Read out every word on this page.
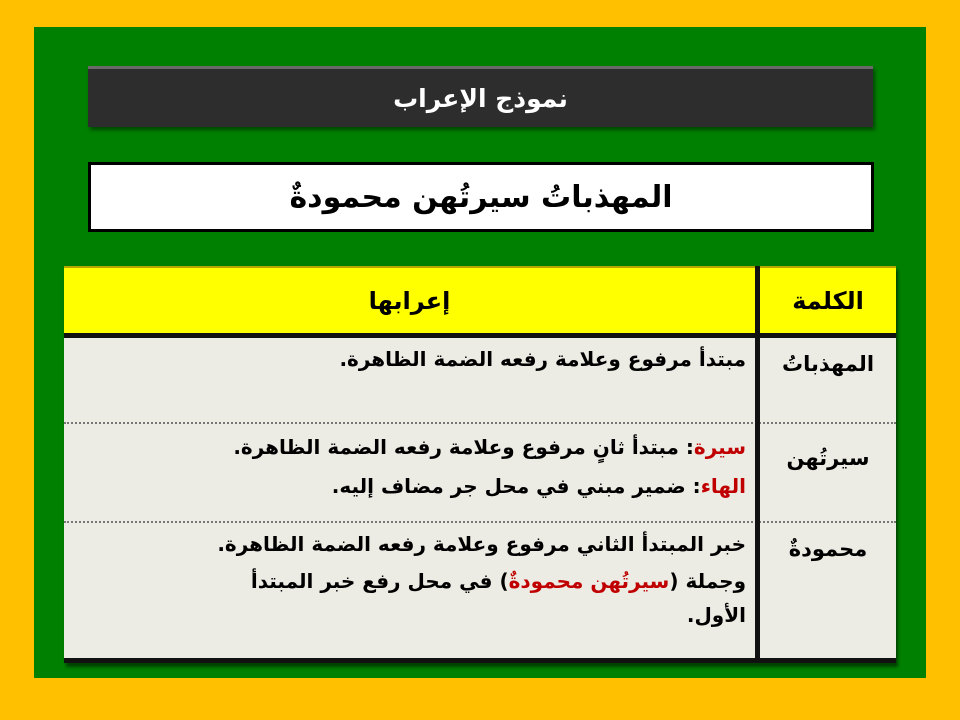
نموذج الإعراب
المهذباتُ سيرتُهن محمودةٌ
الكلمة
إعرابها
المهذباتُ
مبتدأ مرفوع وعلامة رفعه الضمة الظاهرة.
سيرتُهن
سيرة: مبتدأ ثانٍ مرفوع وعلامة رفعه الضمة الظاهرة.
الهاء: ضمير مبني في محل جر مضاف إليه.
محمودةٌ
خبر المبتدأ الثاني مرفوع وعلامة رفعه الضمة الظاهرة.
وجملة (سيرتُهن محمودةٌ) في محل رفع خبر المبتدأ الأول.
